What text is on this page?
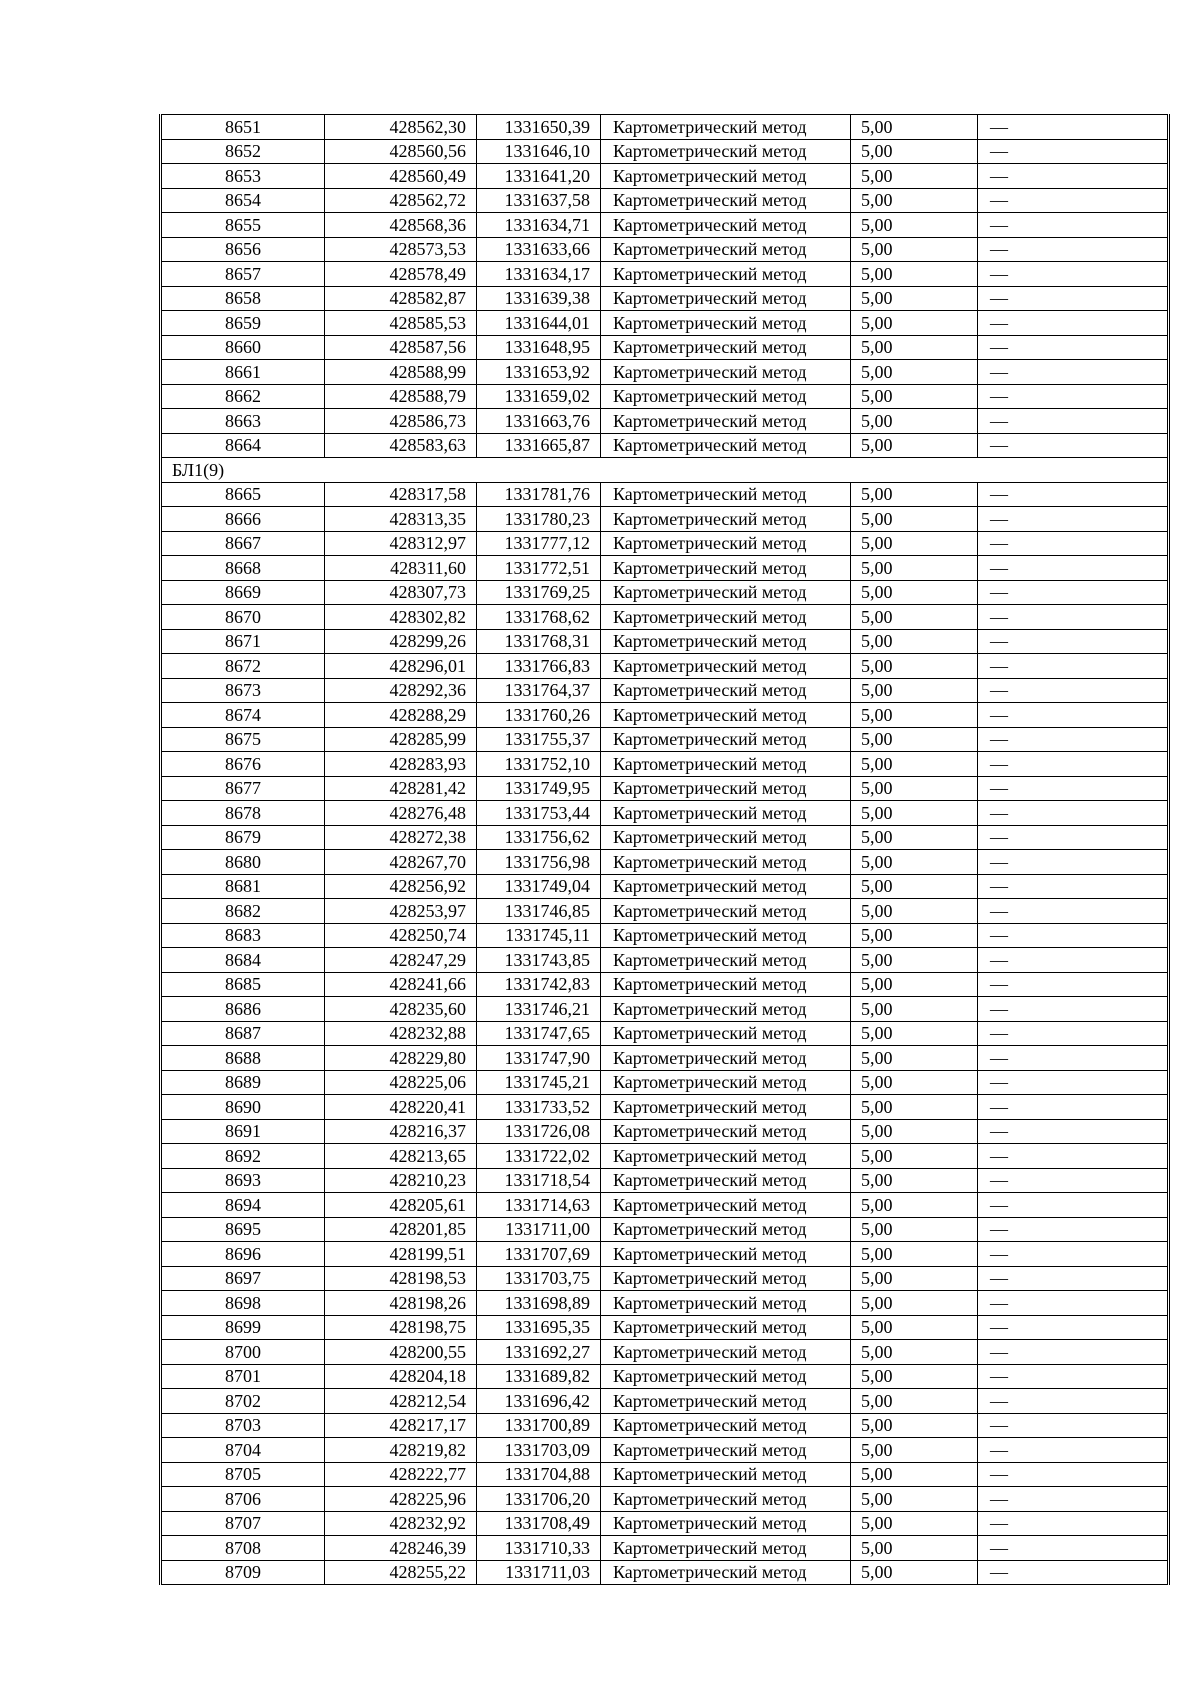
8651	428562,30	1331650,39	Картометрический метод	5,00	—
8652	428560,56	1331646,10	Картометрический метод	5,00	—
8653	428560,49	1331641,20	Картометрический метод	5,00	—
8654	428562,72	1331637,58	Картометрический метод	5,00	—
8655	428568,36	1331634,71	Картометрический метод	5,00	—
8656	428573,53	1331633,66	Картометрический метод	5,00	—
8657	428578,49	1331634,17	Картометрический метод	5,00	—
8658	428582,87	1331639,38	Картометрический метод	5,00	—
8659	428585,53	1331644,01	Картометрический метод	5,00	—
8660	428587,56	1331648,95	Картометрический метод	5,00	—
8661	428588,99	1331653,92	Картометрический метод	5,00	—
8662	428588,79	1331659,02	Картометрический метод	5,00	—
8663	428586,73	1331663,76	Картометрический метод	5,00	—
8664	428583,63	1331665,87	Картометрический метод	5,00	—
БЛ1(9)					
8665	428317,58	1331781,76	Картометрический метод	5,00	—
8666	428313,35	1331780,23	Картометрический метод	5,00	—
8667	428312,97	1331777,12	Картометрический метод	5,00	—
8668	428311,60	1331772,51	Картометрический метод	5,00	—
8669	428307,73	1331769,25	Картометрический метод	5,00	—
8670	428302,82	1331768,62	Картометрический метод	5,00	—
8671	428299,26	1331768,31	Картометрический метод	5,00	—
8672	428296,01	1331766,83	Картометрический метод	5,00	—
8673	428292,36	1331764,37	Картометрический метод	5,00	—
8674	428288,29	1331760,26	Картометрический метод	5,00	—
8675	428285,99	1331755,37	Картометрический метод	5,00	—
8676	428283,93	1331752,10	Картометрический метод	5,00	—
8677	428281,42	1331749,95	Картометрический метод	5,00	—
8678	428276,48	1331753,44	Картометрический метод	5,00	—
8679	428272,38	1331756,62	Картометрический метод	5,00	—
8680	428267,70	1331756,98	Картометрический метод	5,00	—
8681	428256,92	1331749,04	Картометрический метод	5,00	—
8682	428253,97	1331746,85	Картометрический метод	5,00	—
8683	428250,74	1331745,11	Картометрический метод	5,00	—
8684	428247,29	1331743,85	Картометрический метод	5,00	—
8685	428241,66	1331742,83	Картометрический метод	5,00	—
8686	428235,60	1331746,21	Картометрический метод	5,00	—
8687	428232,88	1331747,65	Картометрический метод	5,00	—
8688	428229,80	1331747,90	Картометрический метод	5,00	—
8689	428225,06	1331745,21	Картометрический метод	5,00	—
8690	428220,41	1331733,52	Картометрический метод	5,00	—
8691	428216,37	1331726,08	Картометрический метод	5,00	—
8692	428213,65	1331722,02	Картометрический метод	5,00	—
8693	428210,23	1331718,54	Картометрический метод	5,00	—
8694	428205,61	1331714,63	Картометрический метод	5,00	—
8695	428201,85	1331711,00	Картометрический метод	5,00	—
8696	428199,51	1331707,69	Картометрический метод	5,00	—
8697	428198,53	1331703,75	Картометрический метод	5,00	—
8698	428198,26	1331698,89	Картометрический метод	5,00	—
8699	428198,75	1331695,35	Картометрический метод	5,00	—
8700	428200,55	1331692,27	Картометрический метод	5,00	—
8701	428204,18	1331689,82	Картометрический метод	5,00	—
8702	428212,54	1331696,42	Картометрический метод	5,00	—
8703	428217,17	1331700,89	Картометрический метод	5,00	—
8704	428219,82	1331703,09	Картометрический метод	5,00	—
8705	428222,77	1331704,88	Картометрический метод	5,00	—
8706	428225,96	1331706,20	Картометрический метод	5,00	—
8707	428232,92	1331708,49	Картометрический метод	5,00	—
8708	428246,39	1331710,33	Картометрический метод	5,00	—
8709	428255,22	1331711,03	Картометрический метод	5,00	—
